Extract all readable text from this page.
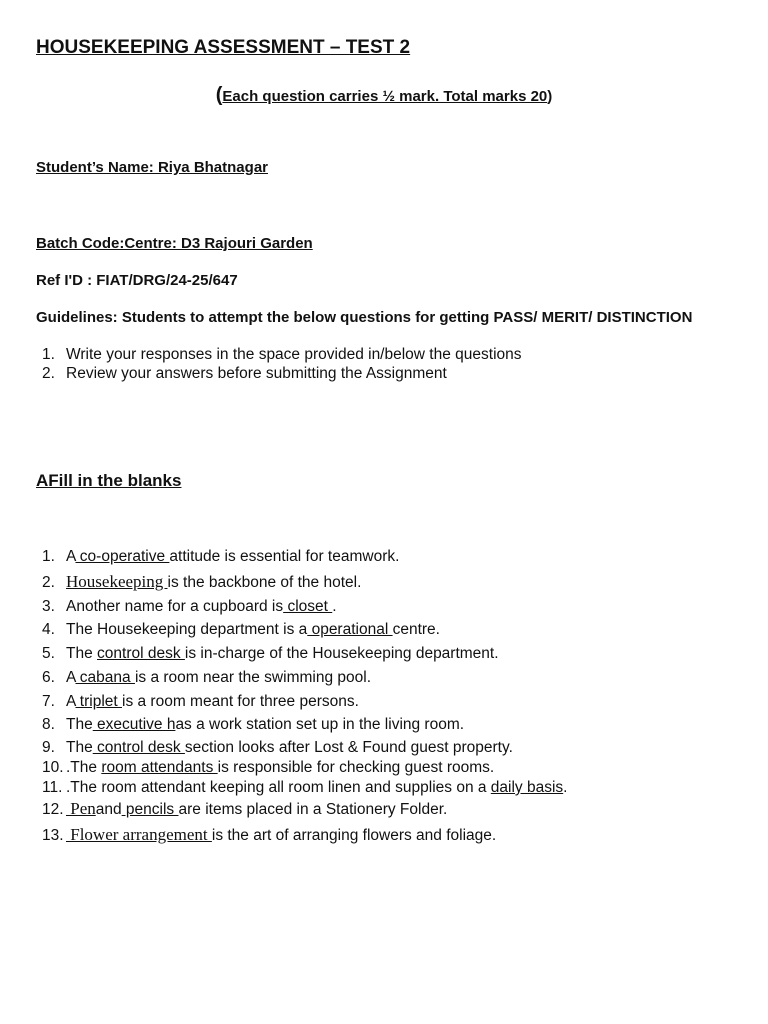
HOUSEKEEPING ASSESSMENT – TEST 2
(Each question carries ½ mark. Total marks 20)
Student’s Name: Riya Bhatnagar
Batch Code:Centre: D3 Rajouri Garden
Ref I'D : FIAT/DRG/24-25/647
Guidelines: Students to attempt the below questions for getting PASS/ MERIT/ DISTINCTION
1. Write your responses in the space provided in/below the questions
2. Review your answers before submitting the Assignment
AFill in the blanks
1. A co-operative attitude is essential for teamwork.
2. Housekeeping is the backbone of the hotel.
3. Another name for a cupboard is closet .
4. The Housekeeping department is a operational centre.
5. The control desk is in-charge of the Housekeeping department.
6. A cabana is a room near the swimming pool.
7. A triplet is a room meant for three persons.
8. The executive has a work station set up in the living room.
9. The control desk section looks after Lost & Found guest property.
10. .The room attendants is responsible for checking guest rooms.
11. .The room attendant keeping all room linen and supplies on a daily basis.
12. Penand pencils are items placed in a Stationery Folder.
13. Flower arrangement is the art of arranging flowers and foliage.
